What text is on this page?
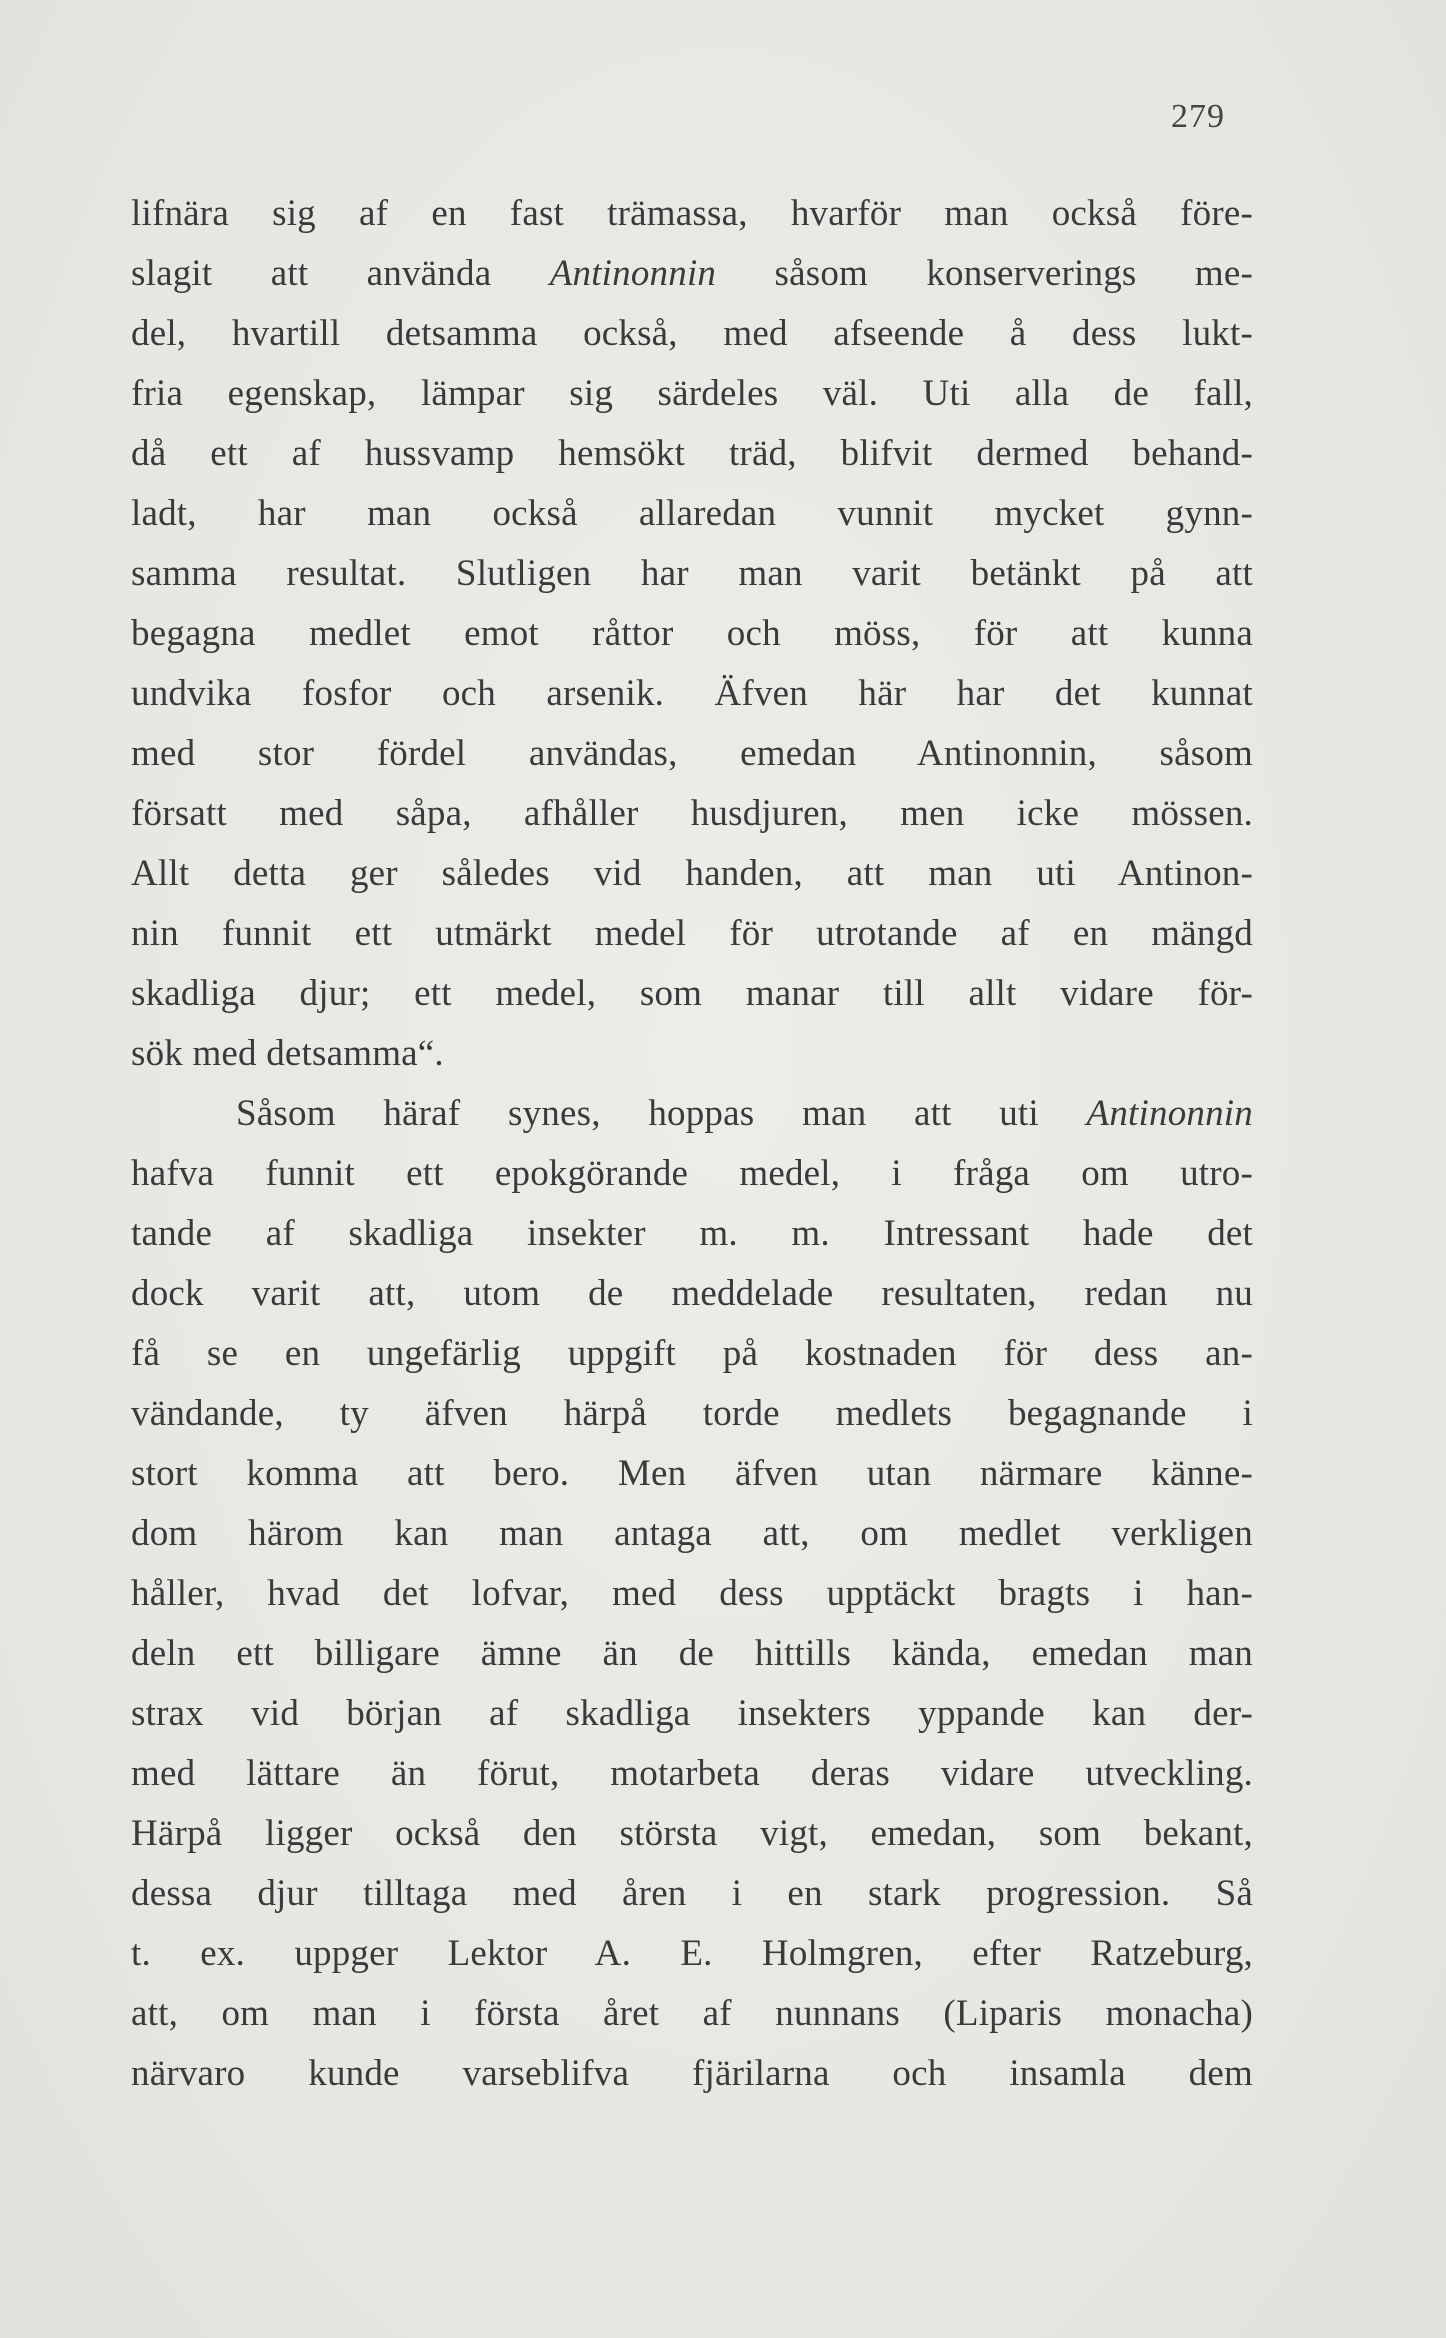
279
lifnära sig af en fast trämassa, hvarför man också före-
slagit att använda Antinonnin såsom konserverings me-
del, hvartill detsamma också, med afseende å dess lukt-
fria egenskap, lämpar sig särdeles väl. Uti alla de fall,
då ett af hussvamp hemsökt träd, blifvit dermed behand-
ladt, har man också allaredan vunnit mycket gynn-
samma resultat. Slutligen har man varit betänkt på att
begagna medlet emot råttor och möss, för att kunna
undvika fosfor och arsenik. Äfven här har det kunnat
med stor fördel användas, emedan Antinonnin, såsom
försatt med såpa, afhåller husdjuren, men icke mössen.
Allt detta ger således vid handen, att man uti Antinon-
nin funnit ett utmärkt medel för utrotande af en mängd
skadliga djur; ett medel, som manar till allt vidare för-
sök med detsamma“.
Såsom häraf synes, hoppas man att uti Antinonnin
hafva funnit ett epokgörande medel, i fråga om utro-
tande af skadliga insekter m. m. Intressant hade det
dock varit att, utom de meddelade resultaten, redan nu
få se en ungefärlig uppgift på kostnaden för dess an-
vändande, ty äfven härpå torde medlets begagnande i
stort komma att bero. Men äfven utan närmare känne-
dom härom kan man antaga att, om medlet verkligen
håller, hvad det lofvar, med dess upptäckt bragts i han-
deln ett billigare ämne än de hittills kända, emedan man
strax vid början af skadliga insekters yppande kan der-
med lättare än förut, motarbeta deras vidare utveckling.
Härpå ligger också den största vigt, emedan, som bekant,
dessa djur tilltaga med åren i en stark progression. Så
t. ex. uppger Lektor A. E. Holmgren, efter Ratzeburg,
att, om man i första året af nunnans (Liparis monacha)
närvaro kunde varseblifva fjärilarna och insamla dem
